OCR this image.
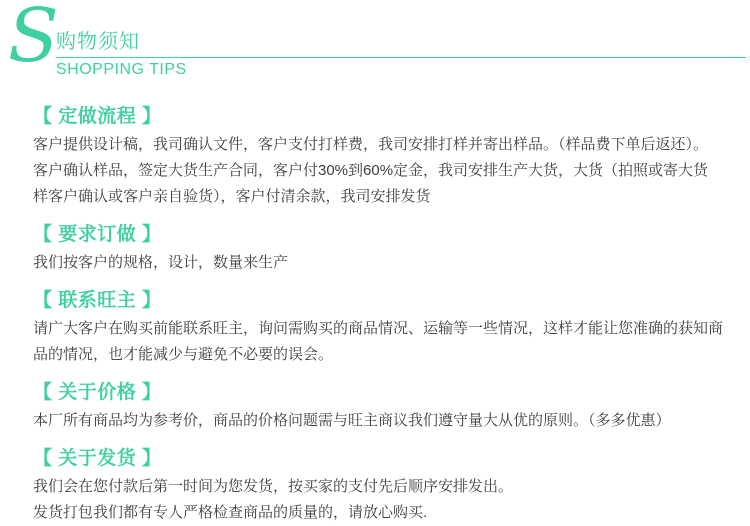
S
购物须知
SHOPPING TIPS
【 定做流程 】

客户提供设计稿，我司确认文件，客户支付打样费，我司安排打样并寄出样品。（样品费下单后返还）。

客户确认样品，签定大货生产合同，客户付30%到60%定金，我司安排生产大货，大货（拍照或寄大货样客户确认或客户亲自验货），客户付清余款，我司安排发货

【 要求订做 】

我们按客户的规格，设计，数量来生产

【 联系旺主 】

请广大客户在购买前能联系旺主，询问需购买的商品情况、运输等一些情况，这样才能让您准确的获知商品的情况，也才能减少与避免不必要的误会。

【 关于价格 】

本厂所有商品均为参考价，商品的价格问题需与旺主商议我们遵守量大从优的原则。（多多优惠）

【 关于发货 】

我们会在您付款后第一时间为您发货，按买家的支付先后顺序安排发出。

发货打包我们都有专人严格检查商品的质量的，请放心购买.
